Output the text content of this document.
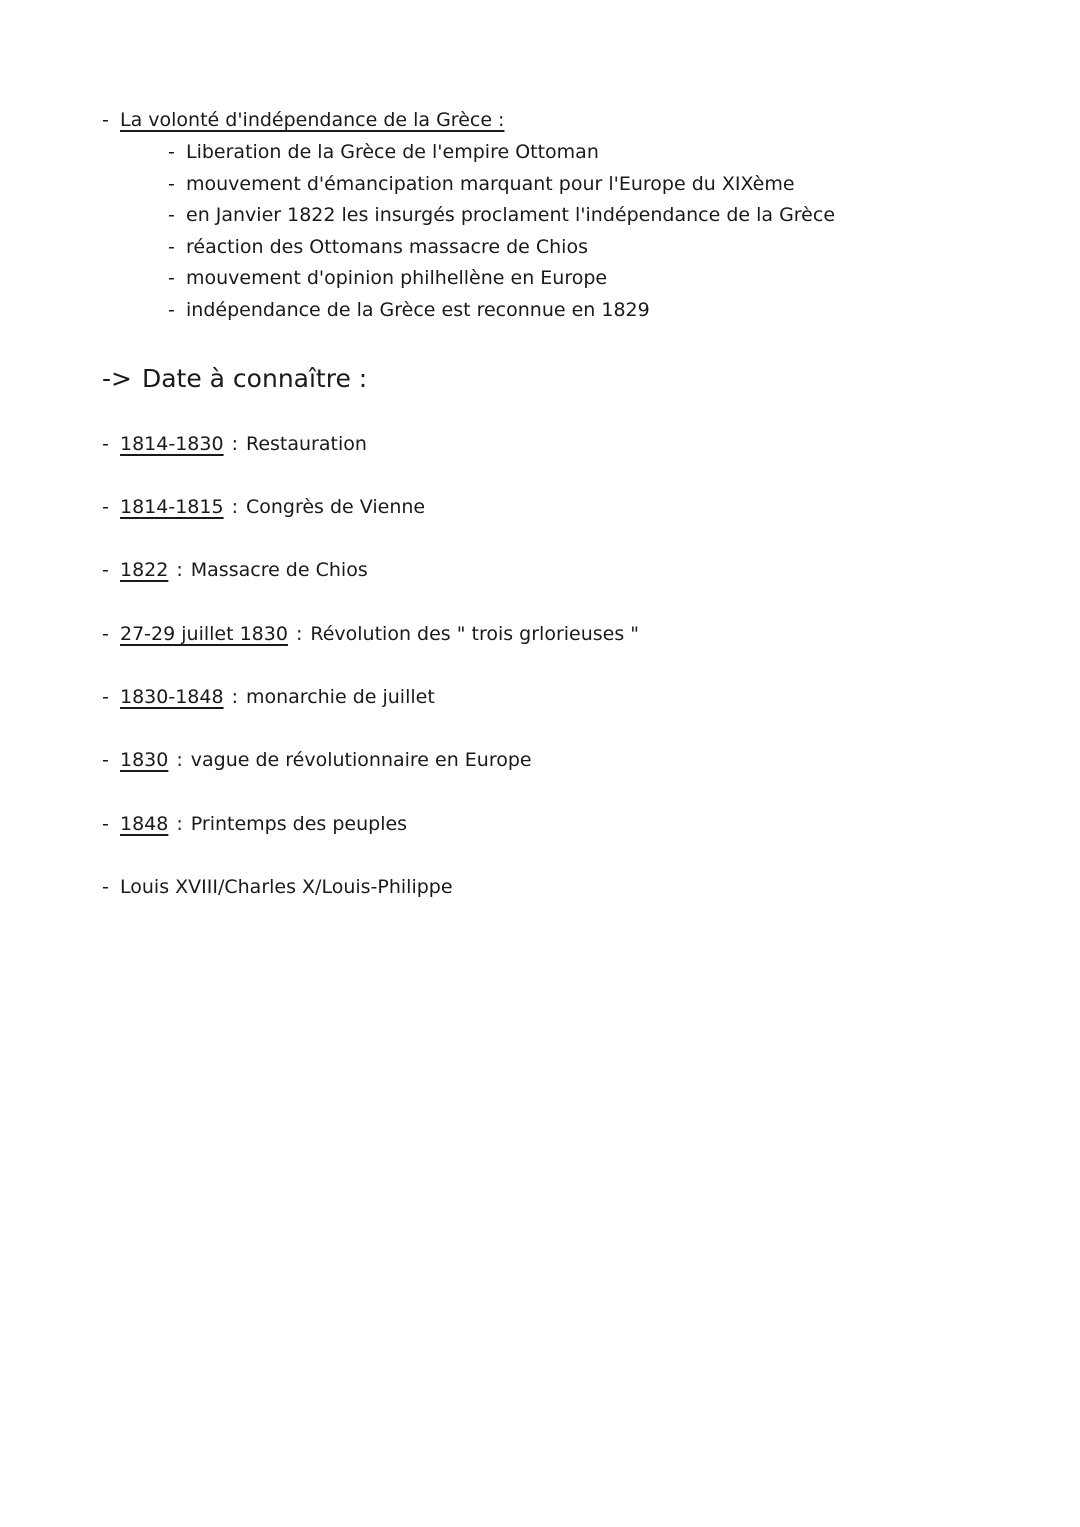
- La volonté d'indépendance de la Grèce :
- Liberation de la Grèce de l'empire Ottoman
- mouvement d'émancipation marquant pour l'Europe du XIXème
- en Janvier 1822 les insurgés proclament l'indépendance de la Grèce
- réaction des Ottomans massacre de Chios
- mouvement d'opinion philhellène en Europe
- indépendance de la Grèce est reconnue en 1829
-> Date à connaître :
- 1814-1830 : Restauration
- 1814-1815 : Congrès de Vienne
- 1822 : Massacre de Chios
- 27-29 juillet 1830 : Révolution des " trois grlorieuses "
- 1830-1848 : monarchie de juillet
- 1830 : vague de révolutionnaire en Europe
- 1848 : Printemps des peuples
- Louis XVIII/Charles X/Louis-Philippe
